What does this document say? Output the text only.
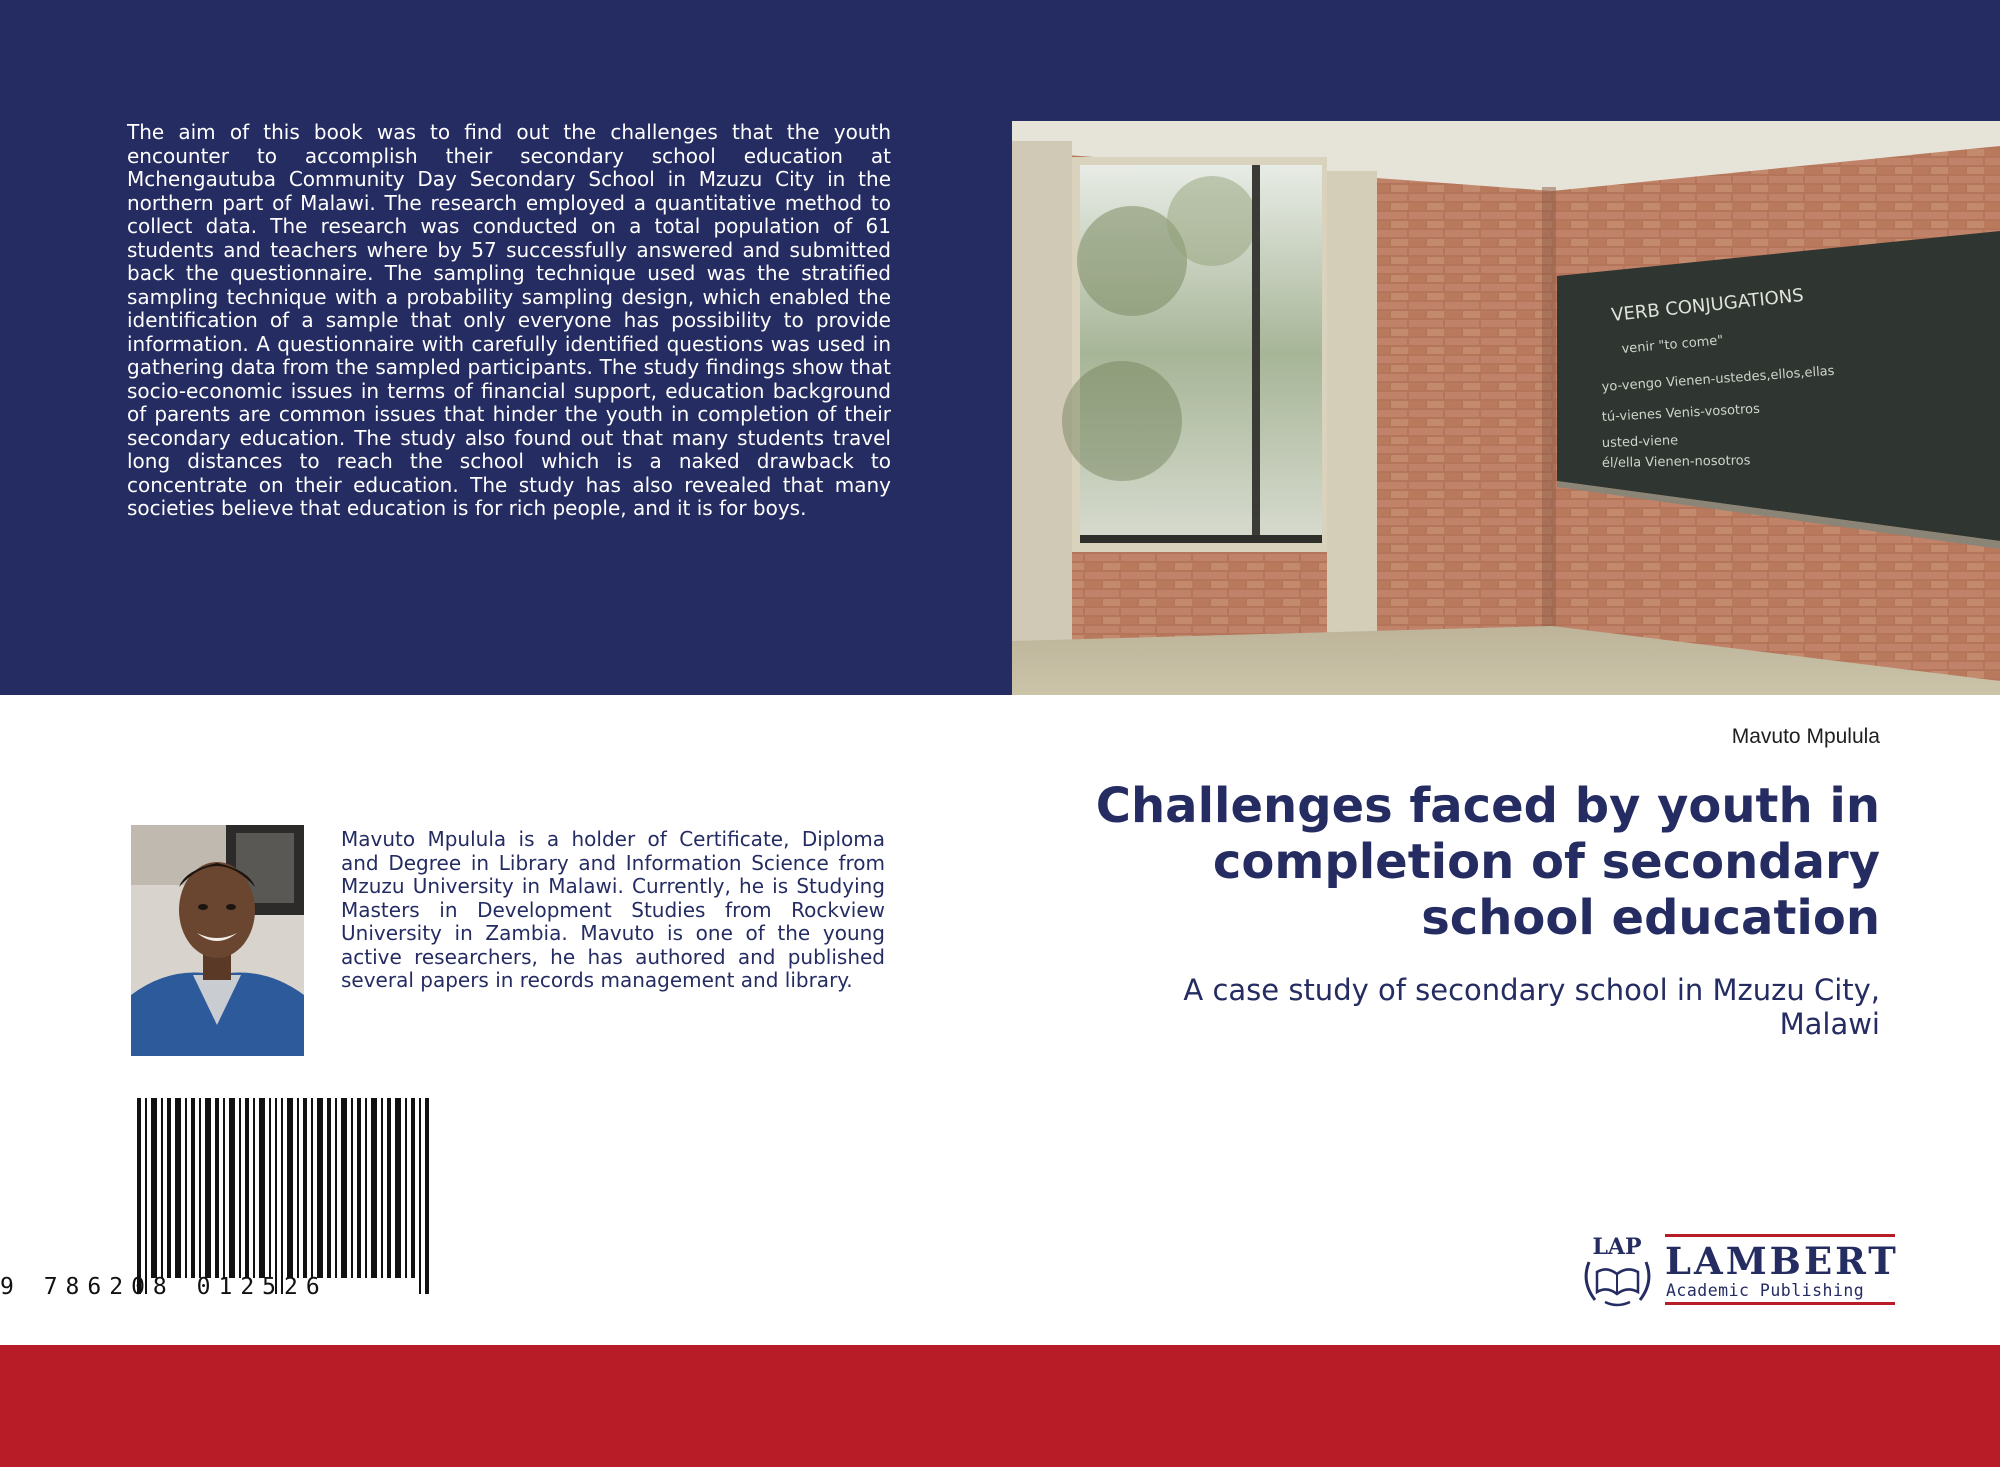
The aim of this book was to find out the challenges that the youth encounter to accomplish their secondary school education at Mchengautuba Community Day Secondary School in Mzuzu City in the northern part of Malawi. The research employed a quantitative method to collect data. The research was conducted on a total population of 61 students and teachers where by 57 successfully answered and submitted back the questionnaire. The sampling technique used was the stratified sampling technique with a probability sampling design, which enabled the identification of a sample that only everyone has possibility to provide information. A questionnaire with carefully identified questions was used in gathering data from the sampled participants. The study findings show that socio-economic issues in terms of financial support, education background of parents are common issues that hinder the youth in completion of their secondary education. The study also found out that many students travel long distances to reach the school which is a naked drawback to concentrate on their education. The study has also revealed that many societies believe that education is for rich people, and it is for boys.

VERB CONJUGATIONS
venir "to come"
yo-vengo Vienen-ustedes,ellos,ellas
tú-vienes Venis-vosotros
usted-viene
él/ella Vienen-nosotros
Mavuto Mpulula
Challenges faced by youth in completion of secondary school education

A case study of secondary school in Mzuzu City, Malawi

Mavuto Mpulula is a holder of Certificate, Diploma and Degree in Library and Information Science from Mzuzu University in Malawi. Currently, he is Studying Masters in Development Studies from Rockview University in Zambia. Mavuto is one of the young active researchers, he has authored and published several papers in records management and library.

9 786208 012526
LAP LAMBERT
Academic Publishing
